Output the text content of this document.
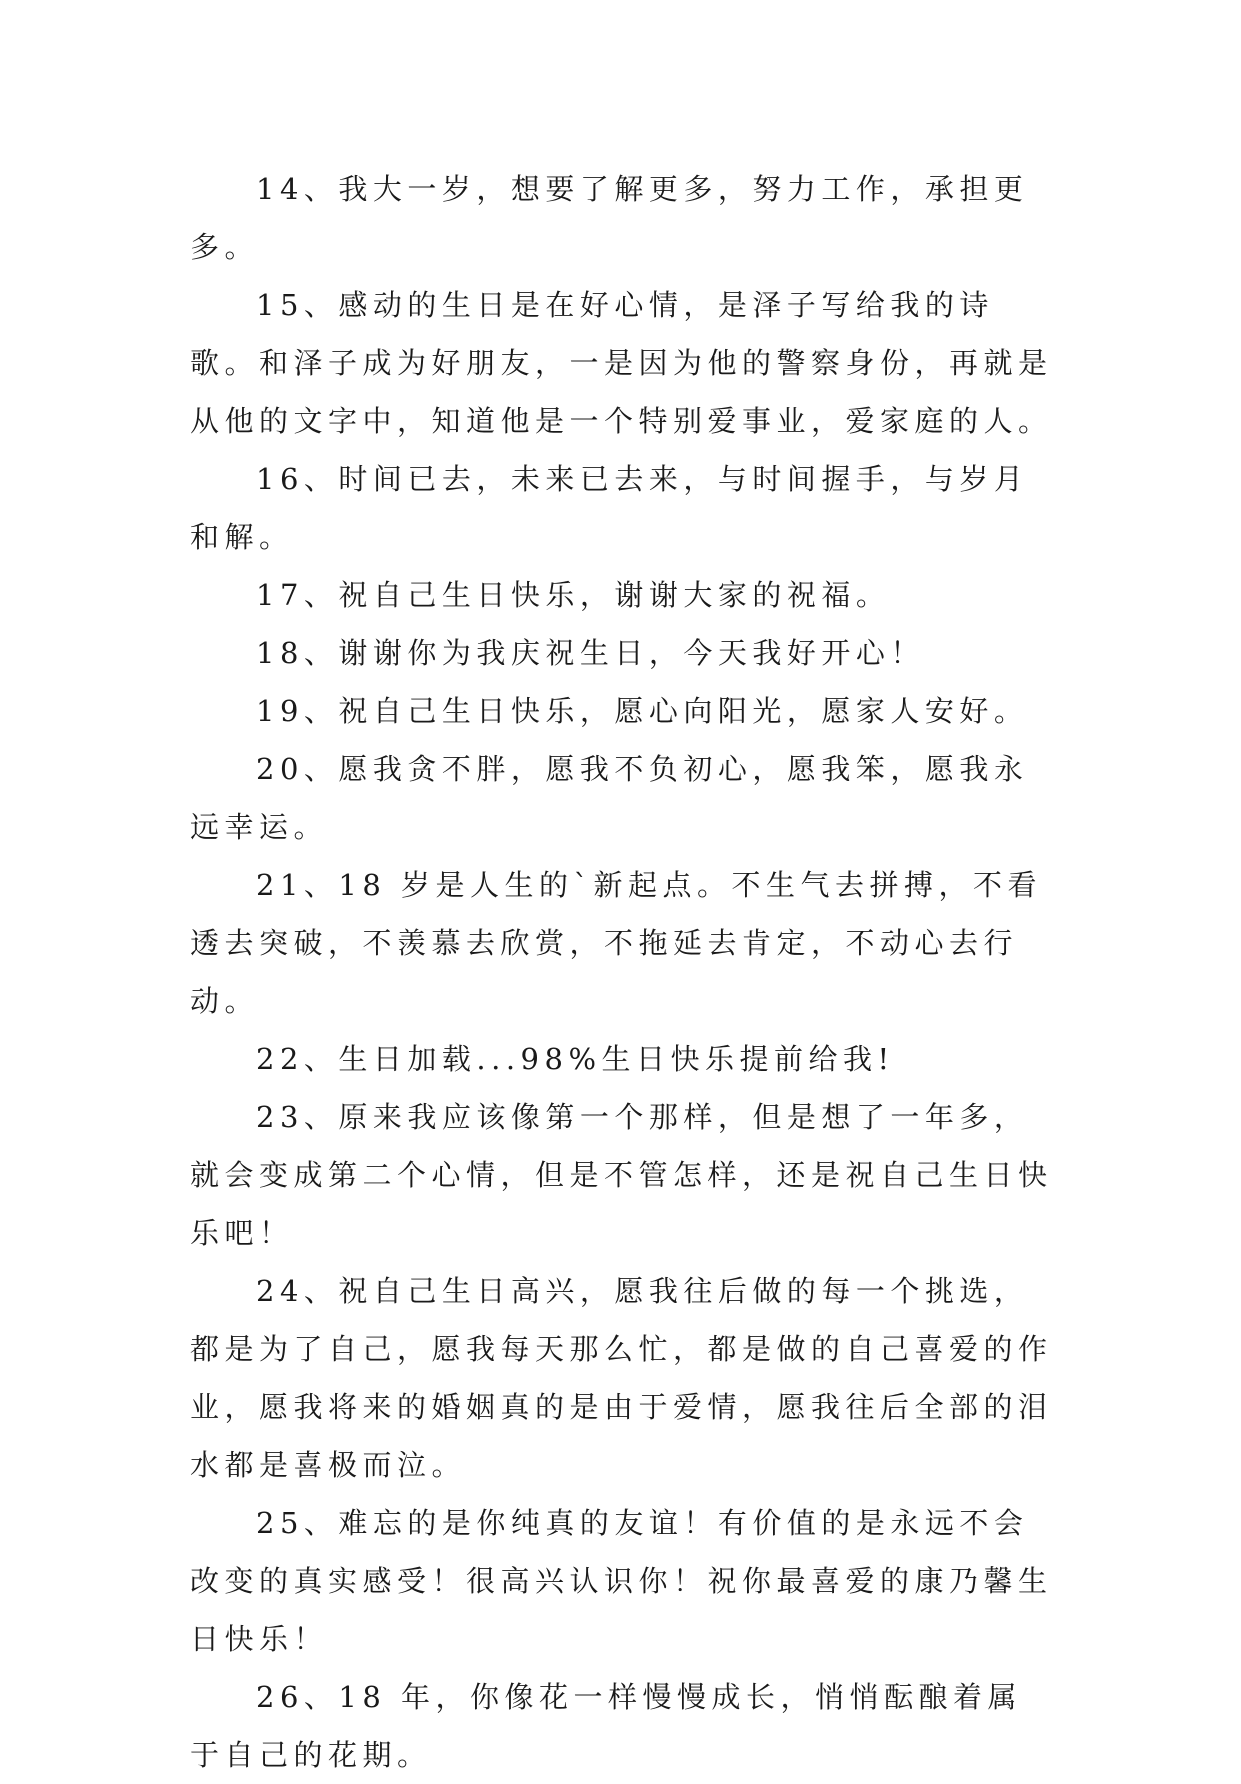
14、我大一岁，想要了解更多，努力工作，承担更多。

15、感动的生日是在好心情，是泽子写给我的诗歌。和泽子成为好朋友，一是因为他的警察身份，再就是从他的文字中，知道他是一个特别爱事业，爱家庭的人。

16、时间已去，未来已去来，与时间握手，与岁月和解。

17、祝自己生日快乐，谢谢大家的祝福。

18、谢谢你为我庆祝生日，今天我好开心！

19、祝自己生日快乐，愿心向阳光，愿家人安好。

20、愿我贪不胖，愿我不负初心，愿我笨，愿我永远幸运。

21、18 岁是人生的`新起点。不生气去拼搏，不看透去突破，不羡慕去欣赏，不拖延去肯定，不动心去行动。

22、生日加载...98%生日快乐提前给我!

23、原来我应该像第一个那样，但是想了一年多，就会变成第二个心情，但是不管怎样，还是祝自己生日快乐吧！

24、祝自己生日高兴，愿我往后做的每一个挑选，都是为了自己，愿我每天那么忙，都是做的自己喜爱的作业，愿我将来的婚姻真的是由于爱情，愿我往后全部的泪水都是喜极而泣。

25、难忘的是你纯真的友谊！有价值的是永远不会改变的真实感受！很高兴认识你！祝你最喜爱的康乃馨生日快乐！

26、18 年，你像花一样慢慢成长，悄悄酝酿着属于自己的花期。
